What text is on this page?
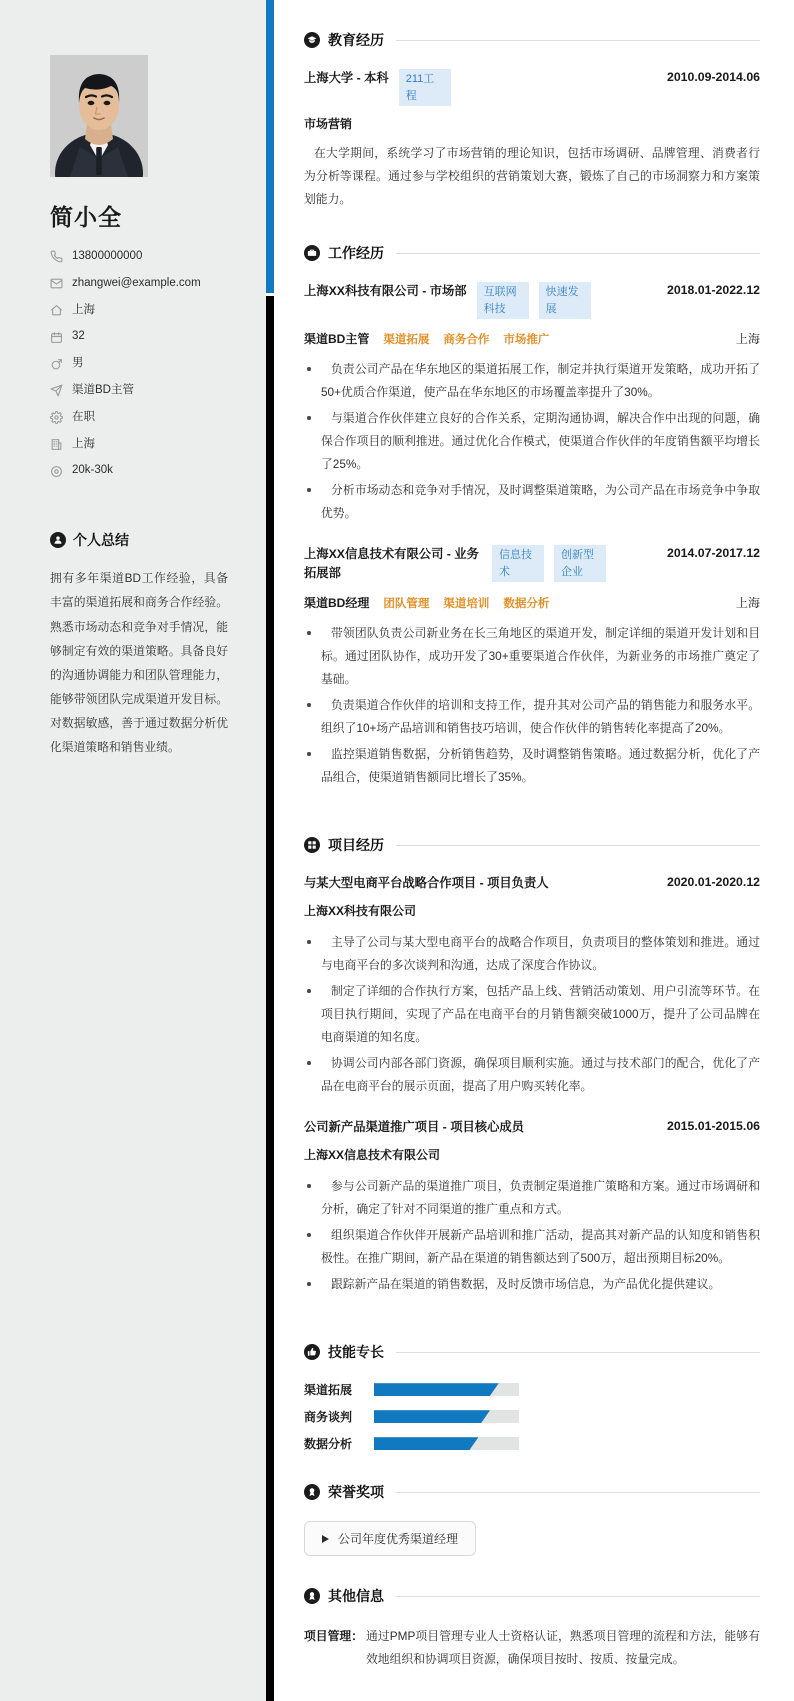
简小全
13800000000
zhangwei@example.com
上海
32
男
渠道BD主管
在职
上海
20k-30k
个人总结

拥有多年渠道BD工作经验，具备丰富的渠道拓展和商务合作经验。熟悉市场动态和竞争对手情况，能够制定有效的渠道策略。具备良好的沟通协调能力和团队管理能力，能够带领团队完成渠道开发目标。对数据敏感，善于通过数据分析优化渠道策略和销售业绩。

教育经历
上海大学 - 本科	211工程
2010.09-2014.06
市场营销

在大学期间，系统学习了市场营销的理论知识，包括市场调研、品牌管理、消费者行为分析等课程。通过参与学校组织的营销策划大赛，锻炼了自己的市场洞察力和方案策划能力。

工作经历
上海XX科技有限公司 - 市场部	互联网科技
快速发展
2018.01-2022.12
渠道BD主管 渠道拓展 商务合作 市场推广	上海
负责公司产品在华东地区的渠道拓展工作，制定并执行渠道开发策略，成功开拓了50+优质合作渠道，使产品在华东地区的市场覆盖率提升了30%。
与渠道合作伙伴建立良好的合作关系，定期沟通协调，解决合作中出现的问题，确保合作项目的顺利推进。通过优化合作模式，使渠道合作伙伴的年度销售额平均增长了25%。
分析市场动态和竞争对手情况，及时调整渠道策略，为公司产品在市场竞争中争取优势。
上海XX信息技术有限公司 - 业务拓展部
信息技术
创新型企业
2014.07-2017.12
渠道BD经理 团队管理 渠道培训 数据分析	上海
带领团队负责公司新业务在长三角地区的渠道开发，制定详细的渠道开发计划和目标。通过团队协作，成功开发了30+重要渠道合作伙伴，为新业务的市场推广奠定了基础。
负责渠道合作伙伴的培训和支持工作，提升其对公司产品的销售能力和服务水平。组织了10+场产品培训和销售技巧培训，使合作伙伴的销售转化率提高了20%。
监控渠道销售数据，分析销售趋势，及时调整销售策略。通过数据分析，优化了产品组合，使渠道销售额同比增长了35%。
项目经历
与某大型电商平台战略合作项目 - 项目负责人	2020.01-2020.12
上海XX科技有限公司
主导了公司与某大型电商平台的战略合作项目，负责项目的整体策划和推进。通过与电商平台的多次谈判和沟通，达成了深度合作协议。
制定了详细的合作执行方案，包括产品上线、营销活动策划、用户引流等环节。在项目执行期间，实现了产品在电商平台的月销售额突破1000万，提升了公司品牌在电商渠道的知名度。
协调公司内部各部门资源，确保项目顺利实施。通过与技术部门的配合，优化了产品在电商平台的展示页面，提高了用户购买转化率。
公司新产品渠道推广项目 - 项目核心成员	2015.01-2015.06
上海XX信息技术有限公司
参与公司新产品的渠道推广项目，负责制定渠道推广策略和方案。通过市场调研和分析，确定了针对不同渠道的推广重点和方式。
组织渠道合作伙伴开展新产品培训和推广活动，提高其对新产品的认知度和销售积极性。在推广期间，新产品在渠道的销售额达到了500万，超出预期目标20%。
跟踪新产品在渠道的销售数据，及时反馈市场信息，为产品优化提供建议。
技能专长
渠道拓展
商务谈判
数据分析
荣誉奖项
公司年度优秀渠道经理
其他信息
项目管理： 通过PMP项目管理专业人士资格认证，熟悉项目管理的流程和方法，能够有效地组织和协调项目资源，确保项目按时、按质、按量完成。
